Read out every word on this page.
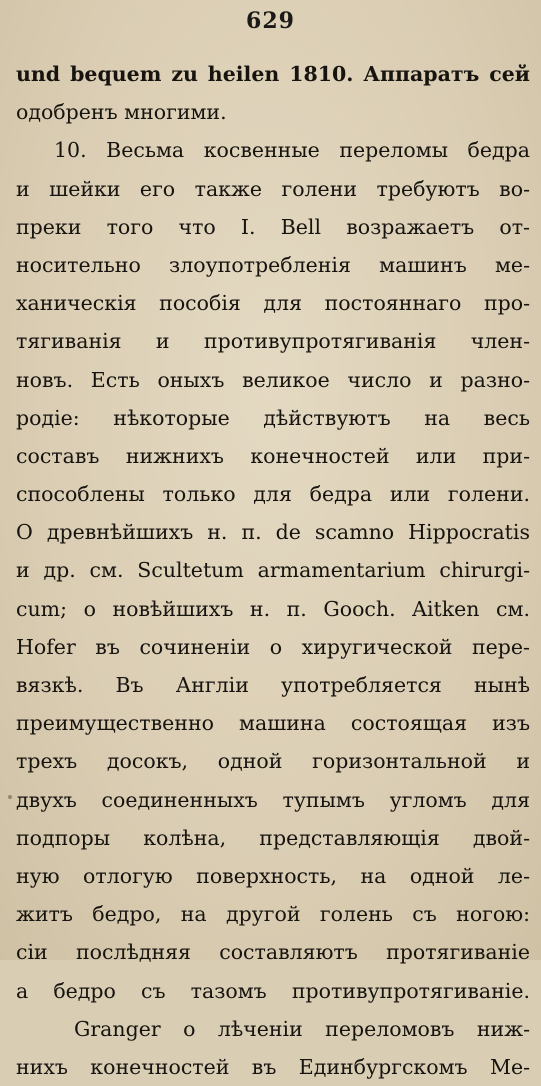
629
und bequem zu heilen 1810. Аппаратъ сей
одобренъ многими.
10. Весьма косвенные переломы бедра
и шейки его также голени требуютъ во-
преки того что I. Bell возражаетъ от-
носительно злоупотребленія машинъ ме-
ханическія пособія для постояннаго про-
тягиванія и противупротягиванія член-
новъ. Есть оныхъ великое число и разно-
родіе: нѣкоторые дѣйствуютъ на весь
составъ нижнихъ конечностей или при-
способлены только для бедра или голени.
О древнѣйшихъ н. п. de scamno Hippocratis
и др. см. Scultetum armamentarium chirurgi-
cum; о новѣйшихъ н. п. Gooch. Aitken см.
Hofer въ сочиненіи о хиругической пере-
вязкѣ. Въ Англіи употребляется нынѣ
преимущественно машина состоящая изъ
трехъ досокъ, одной горизонтальной и
двухъ соединенныхъ тупымъ угломъ для
подпоры колѣна, представляющія двой-
ную отлогую поверхность, на одной ле-
житъ бедро, на другой голень съ ногою:
сіи послѣдняя составляютъ протягиваніе
а бедро съ тазомъ противупротягиваніе.
Granger о лѣченіи переломовъ ниж-
нихъ конечностей въ Единбургскомъ Ме-
